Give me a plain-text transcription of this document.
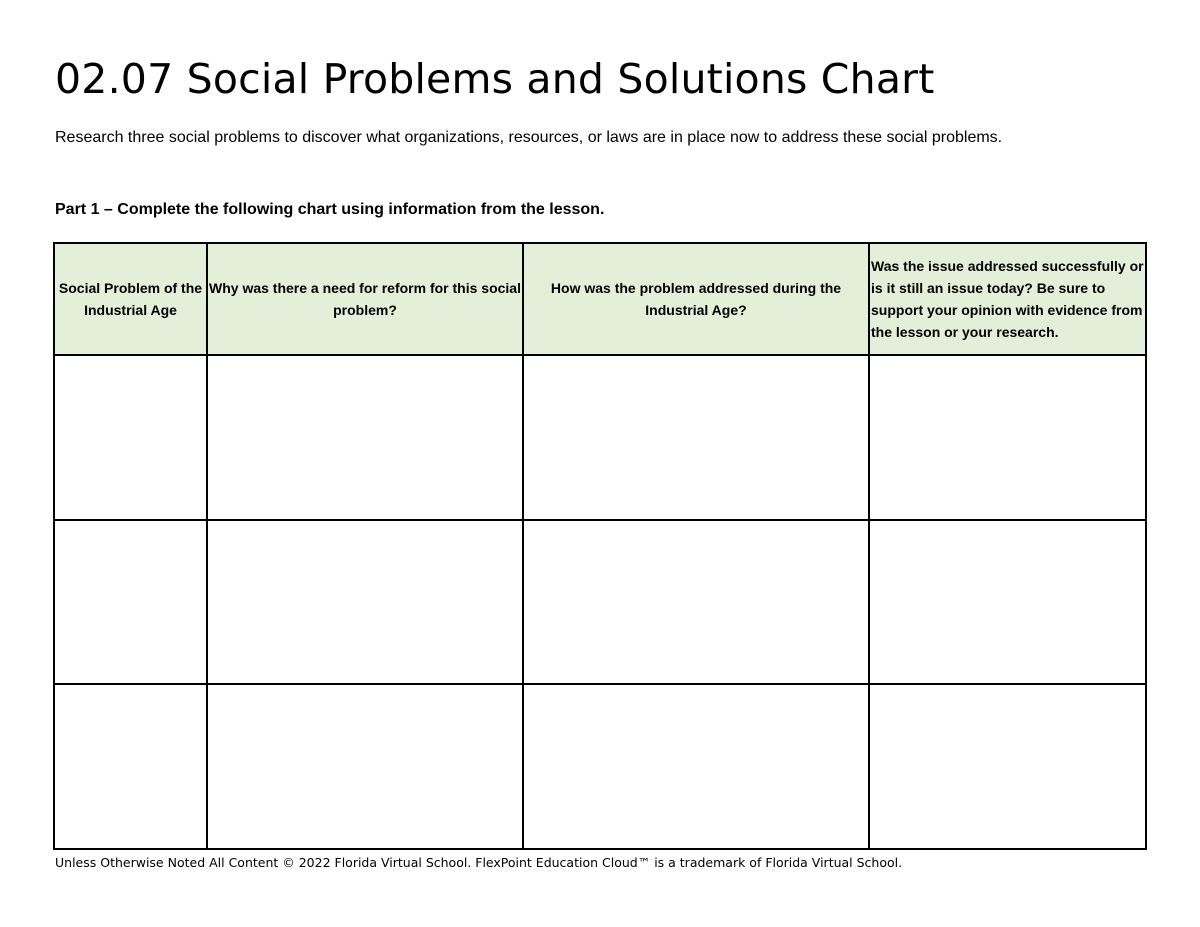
02.07 Social Problems and Solutions Chart

Research three social problems to discover what organizations, resources, or laws are in place now to address these social problems.

Part 1 – Complete the following chart using information from the lesson.

Social Problem of the Industrial Age	Why was there a need for reform for this social problem?	How was the problem addressed during the Industrial Age?	Was the issue addressed successfully or is it still an issue today? Be sure to support your opinion with evidence from the lesson or your research.

Unless Otherwise Noted All Content © 2022 Florida Virtual School. FlexPoint Education Cloud™ is a trademark of Florida Virtual School.
